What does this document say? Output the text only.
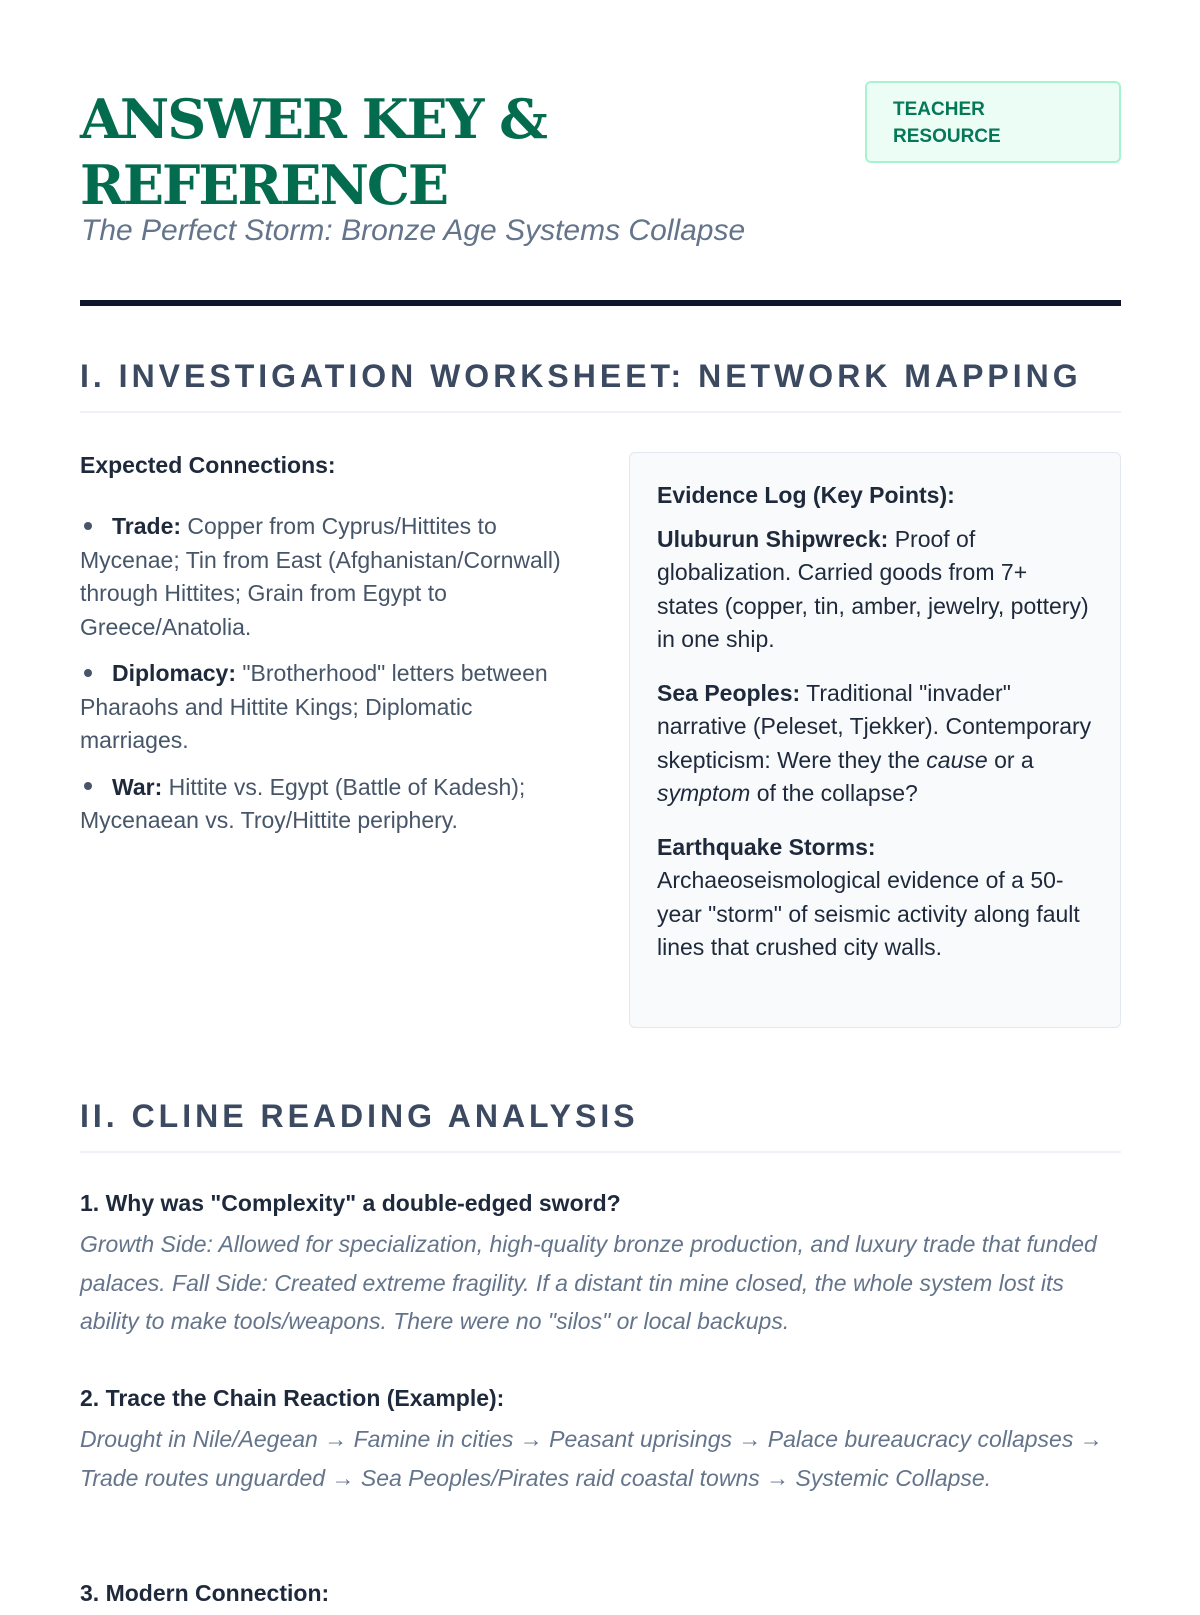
ANSWER KEY & REFERENCE
The Perfect Storm: Bronze Age Systems Collapse
TEACHER
RESOURCE
I. INVESTIGATION WORKSHEET: NETWORK MAPPING
Expected Connections:
Trade: Copper from Cyprus/Hittites to Mycenae; Tin from East (Afghanistan/Cornwall) through Hittites; Grain from Egypt to Greece/Anatolia.
Diplomacy: "Brotherhood" letters between Pharaohs and Hittite Kings; Diplomatic marriages.
War: Hittite vs. Egypt (Battle of Kadesh); Mycenaean vs. Troy/Hittite periphery.
Evidence Log (Key Points):
Uluburun Shipwreck: Proof of globalization. Carried goods from 7+ states (copper, tin, amber, jewelry, pottery) in one ship.
Sea Peoples: Traditional "invader" narrative (Peleset, Tjekker). Contemporary skepticism: Were they the cause or a symptom of the collapse?
Earthquake Storms: Archaeoseismological evidence of a 50-year "storm" of seismic activity along fault lines that crushed city walls.
II. CLINE READING ANALYSIS
1. Why was "Complexity" a double-edged sword?
Growth Side: Allowed for specialization, high-quality bronze production, and luxury trade that funded palaces. Fall Side: Created extreme fragility. If a distant tin mine closed, the whole system lost its ability to make tools/weapons. There were no "silos" or local backups.
2. Trace the Chain Reaction (Example):
Drought in Nile/Aegean → Famine in cities → Peasant uprisings → Palace bureaucracy collapses → Trade routes unguarded → Sea Peoples/Pirates raid coastal towns → Systemic Collapse.
3. Modern Connection:
